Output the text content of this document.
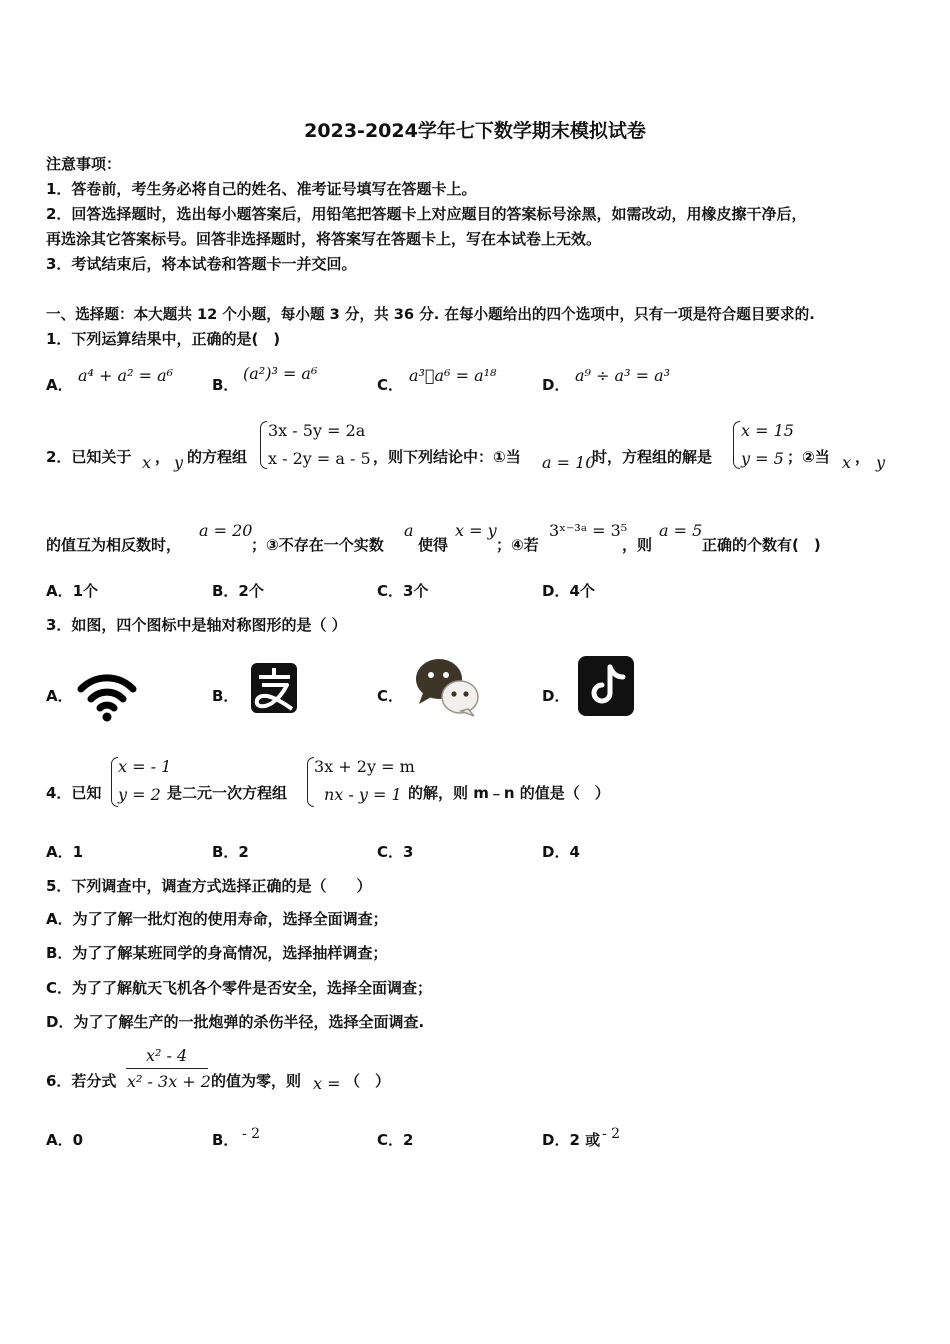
2023-2024学年七下数学期末模拟试卷
注意事项：
1．答卷前，考生务必将自己的姓名、准考证号填写在答题卡上。
2．回答选择题时，选出每小题答案后，用铅笔把答题卡上对应题目的答案标号涂黑，如需改动，用橡皮擦干净后，
再选涂其它答案标号。回答非选择题时，将答案写在答题卡上，写在本试卷上无效。
3．考试结束后，将本试卷和答题卡一并交回。
一、选择题：本大题共 12 个小题，每小题 3 分，共 36 分. 在每小题给出的四个选项中，只有一项是符合题目要求的.
1．下列运算结果中，正确的是(　)
A． a⁴ + a² = a⁶	B．
(a²)³ = a⁶
C． a³⃞a⁶ = a¹⁸	D． a⁹ ÷ a³ = a³
2．已知关于 x ， y 的方程组
3x - 5y = 2a
x - 2y = a - 5 ，则下列结论中：①当 a = 10
时，方程组的解是
x = 15
y = 5 ；②当 x ， y
的值互为相反数时，
a = 20
；③不存在一个实数
a
使得
x = y
；④若
3ˣ⁻³ᵃ = 3⁵
，则
a = 5
正确的个数有(　)
A．1个	B．2个	C．3个	D．4个
3．如图，四个图标中是轴对称图形的是（ ）
A．	B．	C．	D．
4．已知
x = - 1
y = 2 是二元一次方程组
3x + 2y = m
nx - y = 1 的解，则 m﹣n 的值是（　）
A．1	B．2	C．3	D．4
5．下列调查中，调查方式选择正确的是（　　）
A．为了了解一批灯泡的使用寿命，选择全面调查；
B．为了了解某班同学的身高情况，选择抽样调查；
C．为了了解航天飞机各个零件是否安全，选择全面调查；
D．为了了解生产的一批炮弹的杀伤半径，选择全面调查.
6．若分式
x² - 4
x² - 3x + 2 的值为零，则 x = （　）
A．0	B． - 2	C．2	D．2 或 - 2
